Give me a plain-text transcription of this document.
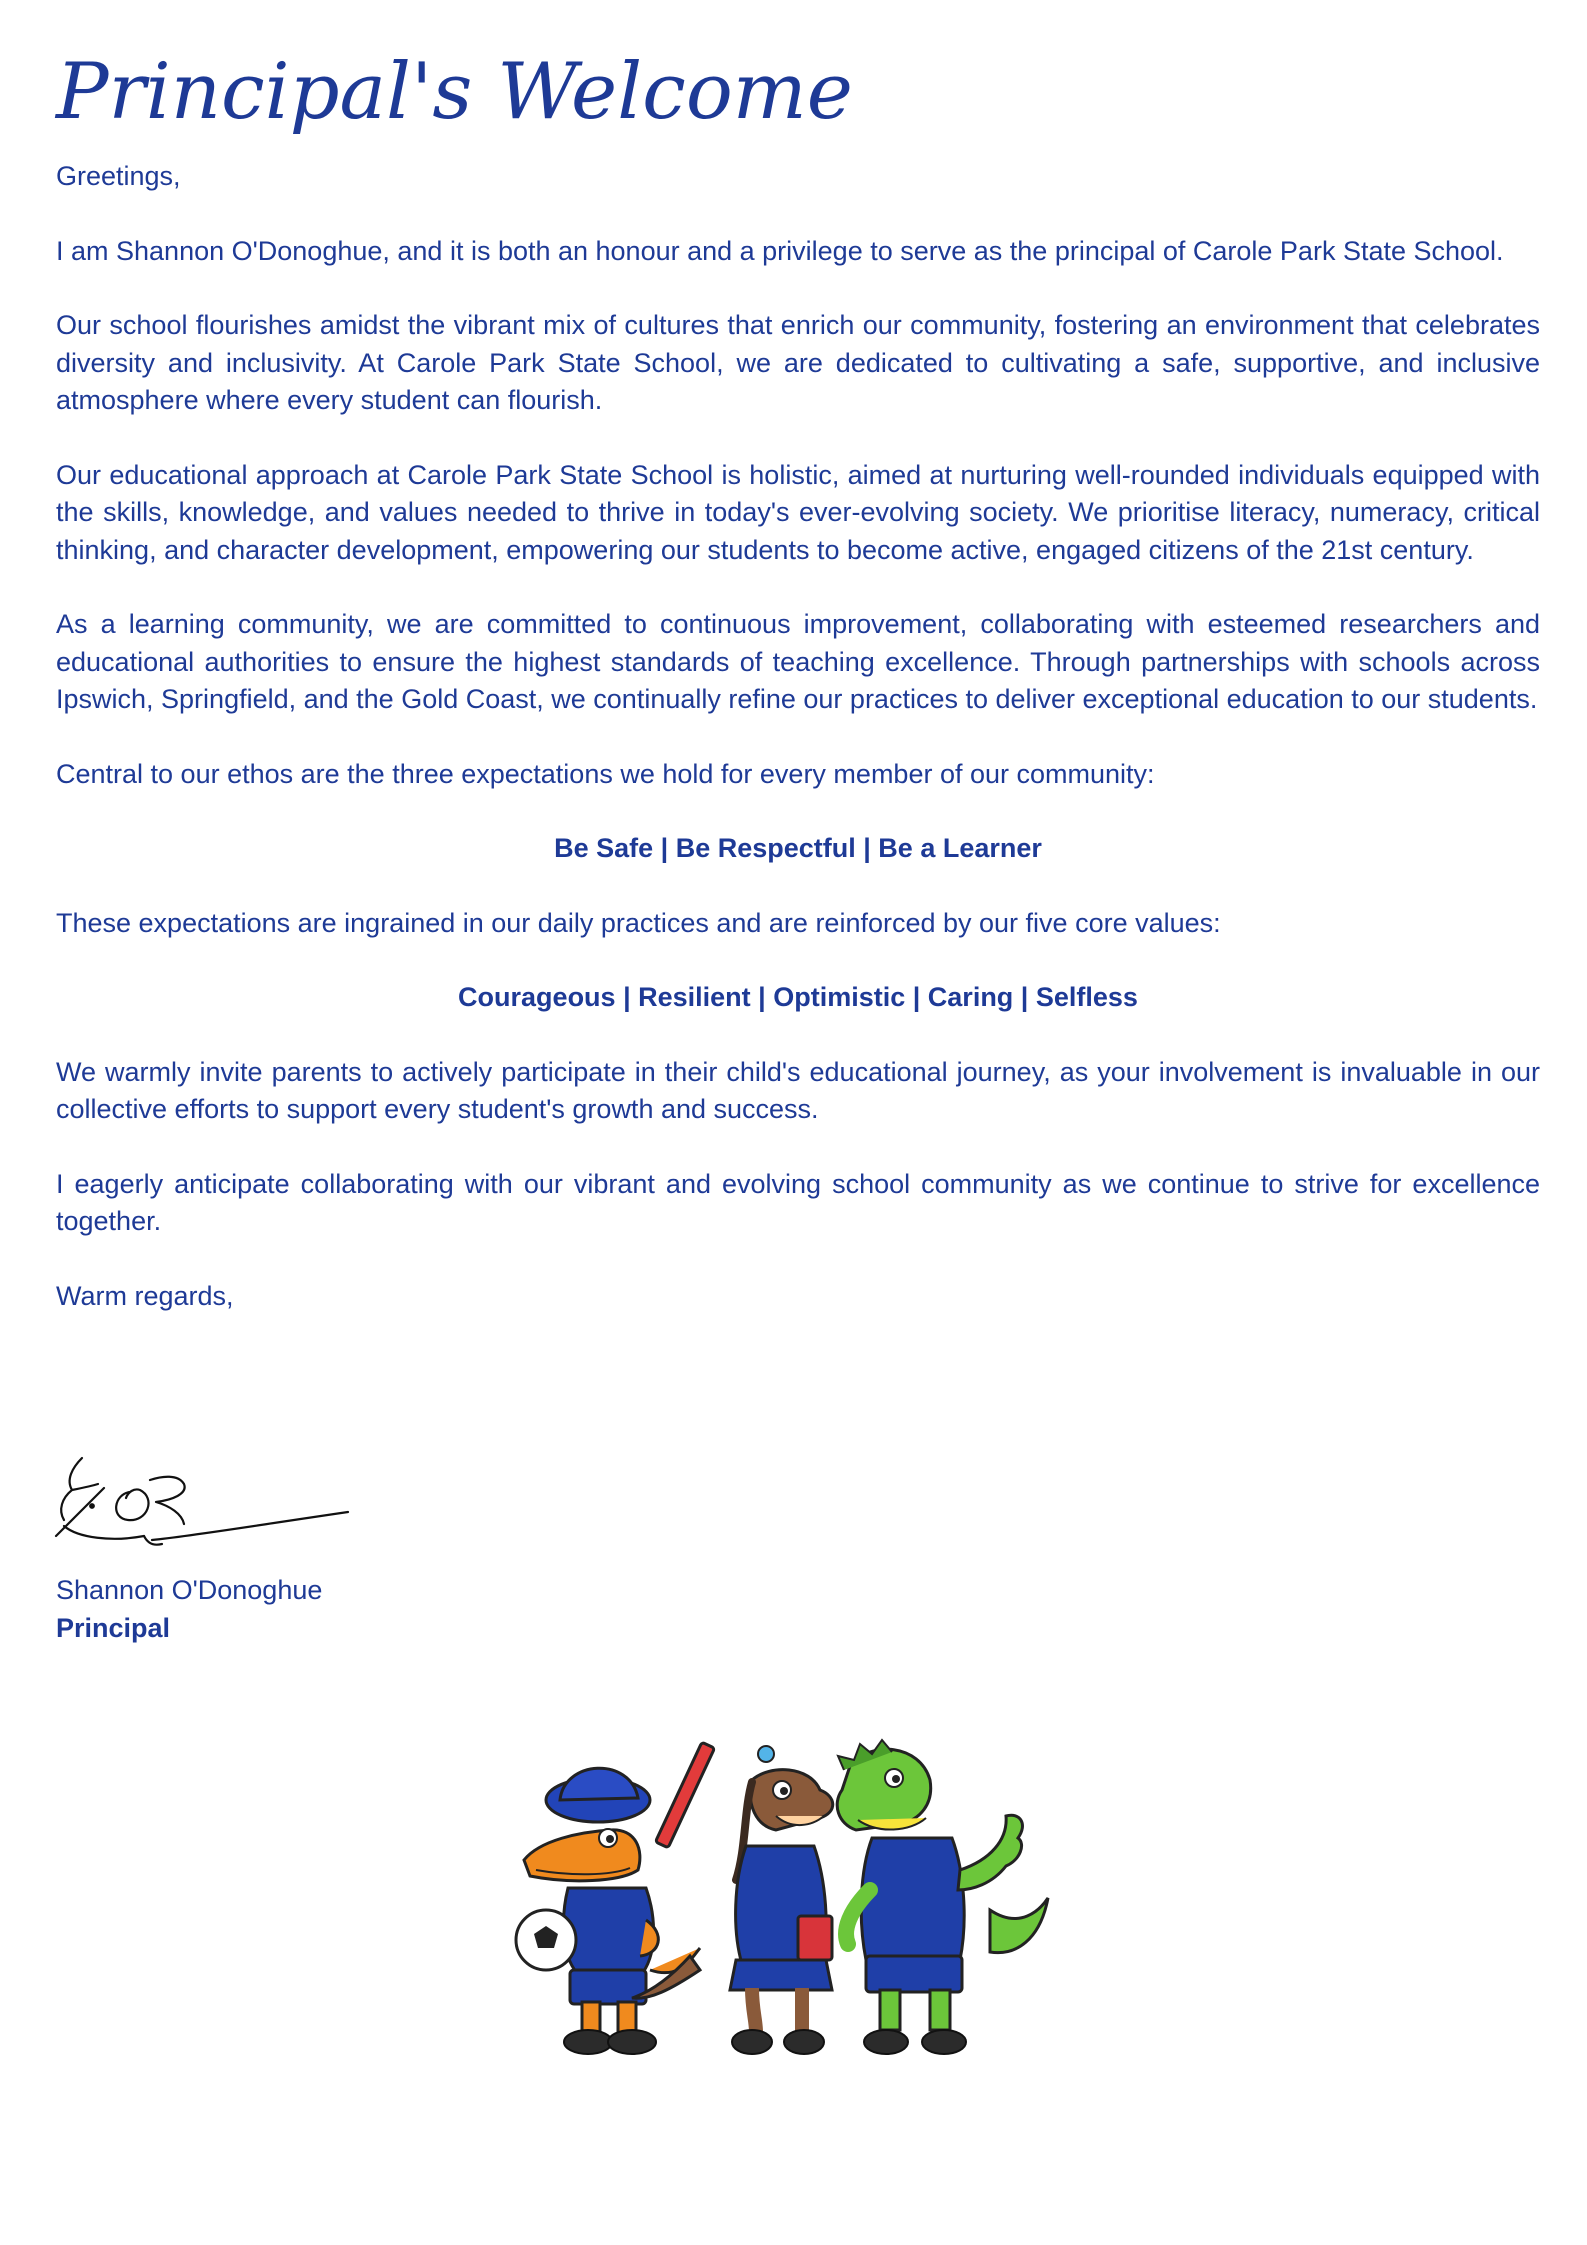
Principal's Welcome

Greetings,

I am Shannon O'Donoghue, and it is both an honour and a privilege to serve as the principal of Carole Park State School.

Our school flourishes amidst the vibrant mix of cultures that enrich our community, fostering an environment that celebrates diversity and inclusivity. At Carole Park State School, we are dedicated to cultivating a safe, supportive, and inclusive atmosphere where every student can flourish.

Our educational approach at Carole Park State School is holistic, aimed at nurturing well-rounded individuals equipped with the skills, knowledge, and values needed to thrive in today's ever-evolving society. We prioritise literacy, numeracy, critical thinking, and character development, empowering our students to become active, engaged citizens of the 21st century.

As a learning community, we are committed to continuous improvement, collaborating with esteemed researchers and educational authorities to ensure the highest standards of teaching excellence. Through partnerships with schools across Ipswich, Springfield, and the Gold Coast, we continually refine our practices to deliver exceptional education to our students.

Central to our ethos are the three expectations we hold for every member of our community:

Be Safe | Be Respectful | Be a Learner

These expectations are ingrained in our daily practices and are reinforced by our five core values:

Courageous | Resilient | Optimistic | Caring | Selfless

We warmly invite parents to actively participate in their child's educational journey, as your involvement is invaluable in our collective efforts to support every student's growth and success.

I eagerly anticipate collaborating with our vibrant and evolving school community as we continue to strive for excellence together.

Warm regards,

Shannon O'Donoghue
Principal
